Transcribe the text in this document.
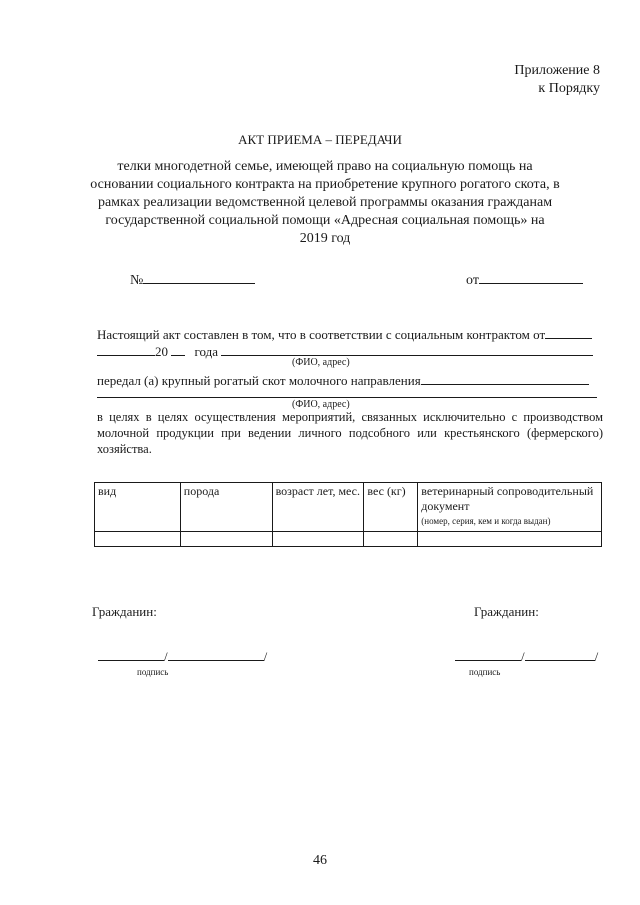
Приложение 8
к Порядку
АКТ ПРИЕМА – ПЕРЕДАЧИ
телки многодетной семье, имеющей право на социальную помощь на основании социального контракта на приобретение крупного рогатого скота, в рамках реализации ведомственной целевой программы оказания гражданам государственной социальной помощи «Адресная социальная помощь» на 2019 год
№	от
Настоящий акт составлен в том, что в соответствии с социальным контрактом от
20 года
(ФИО, адрес)
передал (а) крупный рогатый скот молочного направления
(ФИО, адрес)
в целях в целях осуществления мероприятий, связанных исключительно с производством молочной продукции при ведении личного подсобного или крестьянского (фермерского) хозяйства.
вид	порода	возраст лет, мес.	вес (кг)	ветеринарный сопроводительный документ
(номер, серия, кем и когда выдан)

Гражданин:	Гражданин:
/	/	/	/
подпись	подпись
46
